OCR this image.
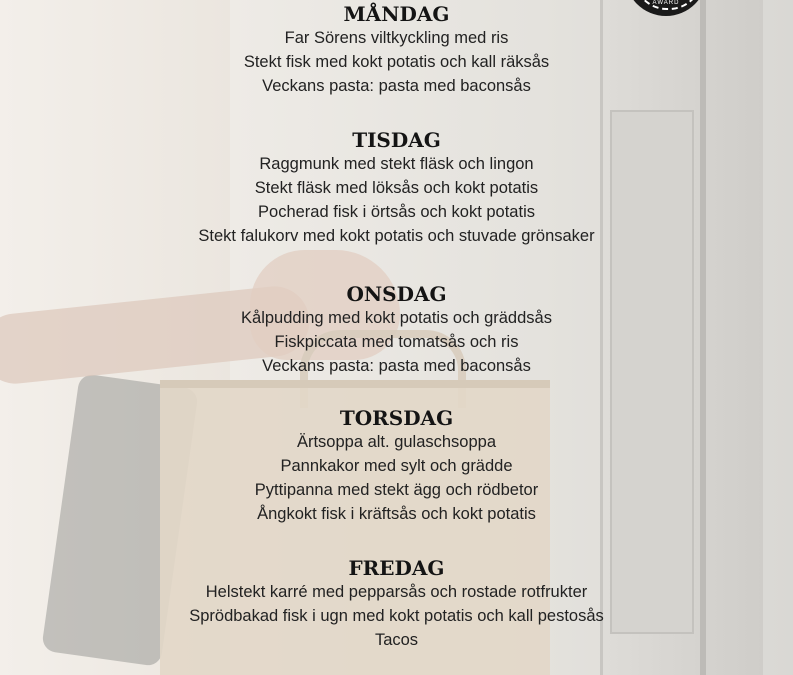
AWARD
MÅNDAG

Far Sörens viltkyckling med ris

Stekt fisk med kokt potatis och kall räksås

Veckans pasta: pasta med baconsås

TISDAG

Raggmunk med stekt fläsk och lingon

Stekt fläsk med löksås och kokt potatis

Pocherad fisk i örtsås och kokt potatis

Stekt falukorv med kokt potatis och stuvade grönsaker

ONSDAG

Kålpudding med kokt potatis och gräddsås

Fiskpiccata med tomatsås och ris

Veckans pasta: pasta med baconsås

TORSDAG

Ärtsoppa alt. gulaschsoppa

Pannkakor med sylt och grädde

Pyttipanna med stekt ägg och rödbetor

Ångkokt fisk i kräftsås och kokt potatis

FREDAG

Helstekt karré med pepparsås och rostade rotfrukter

Sprödbakad fisk i ugn med kokt potatis och kall pestosås

Tacos
